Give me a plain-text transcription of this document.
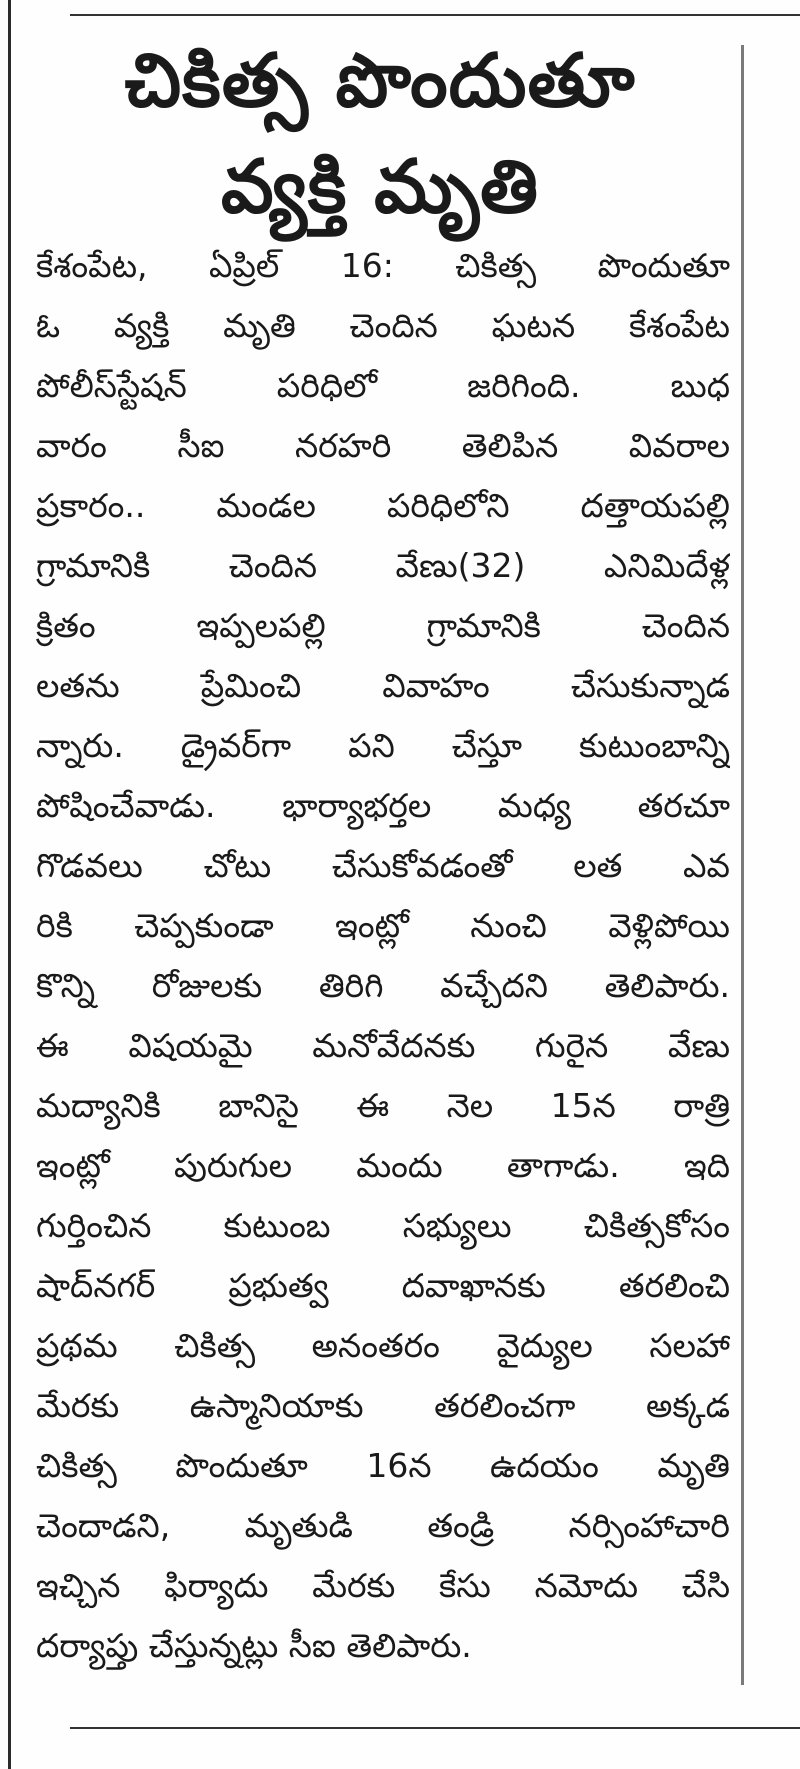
చికిత్స పొందుతూ
వ్యక్తి మృతి
కేశంపేట, ఏప్రిల్ 16: చికిత్స పొందుతూ
ఓ వ్యక్తి మృతి చెందిన ఘటన కేశంపేట
పోలీస్‌స్టేషన్ పరిధిలో జరిగింది. బుధ
వారం సీఐ నరహరి తెలిపిన వివరాల
ప్రకారం.. మండల పరిధిలోని దత్తాయపల్లి
గ్రామానికి చెందిన వేణు(32) ఎనిమిదేళ్ల
క్రితం ఇప్పలపల్లి గ్రామానికి చెందిన
లతను ప్రేమించి వివాహం చేసుకున్నాడ
న్నారు. డ్రైవర్‌గా పని చేస్తూ కుటుంబాన్ని
పోషించేవాడు. భార్యాభర్తల మధ్య తరచూ
గొడవలు చోటు చేసుకోవడంతో లత ఎవ
రికి చెప్పకుండా ఇంట్లో నుంచి వెళ్లిపోయి
కొన్ని రోజులకు తిరిగి వచ్చేదని తెలిపారు.
ఈ విషయమై మనోవేదనకు గురైన వేణు
మద్యానికి బానిసై ఈ నెల 15న రాత్రి
ఇంట్లో పురుగుల మందు తాగాడు. ఇది
గుర్తించిన కుటుంబ సభ్యులు చికిత్సకోసం
షాద్‌నగర్ ప్రభుత్వ దవాఖానకు తరలించి
ప్రథమ చికిత్స అనంతరం వైద్యుల సలహా
మేరకు ఉస్మానియాకు తరలించగా అక్కడ
చికిత్స పొందుతూ 16న ఉదయం మృతి
చెందాడని, మృతుడి తండ్రి నర్సింహాచారి
ఇచ్చిన ఫిర్యాదు మేరకు కేసు నమోదు చేసి
దర్యాప్తు చేస్తున్నట్లు సీఐ తెలిపారు.
